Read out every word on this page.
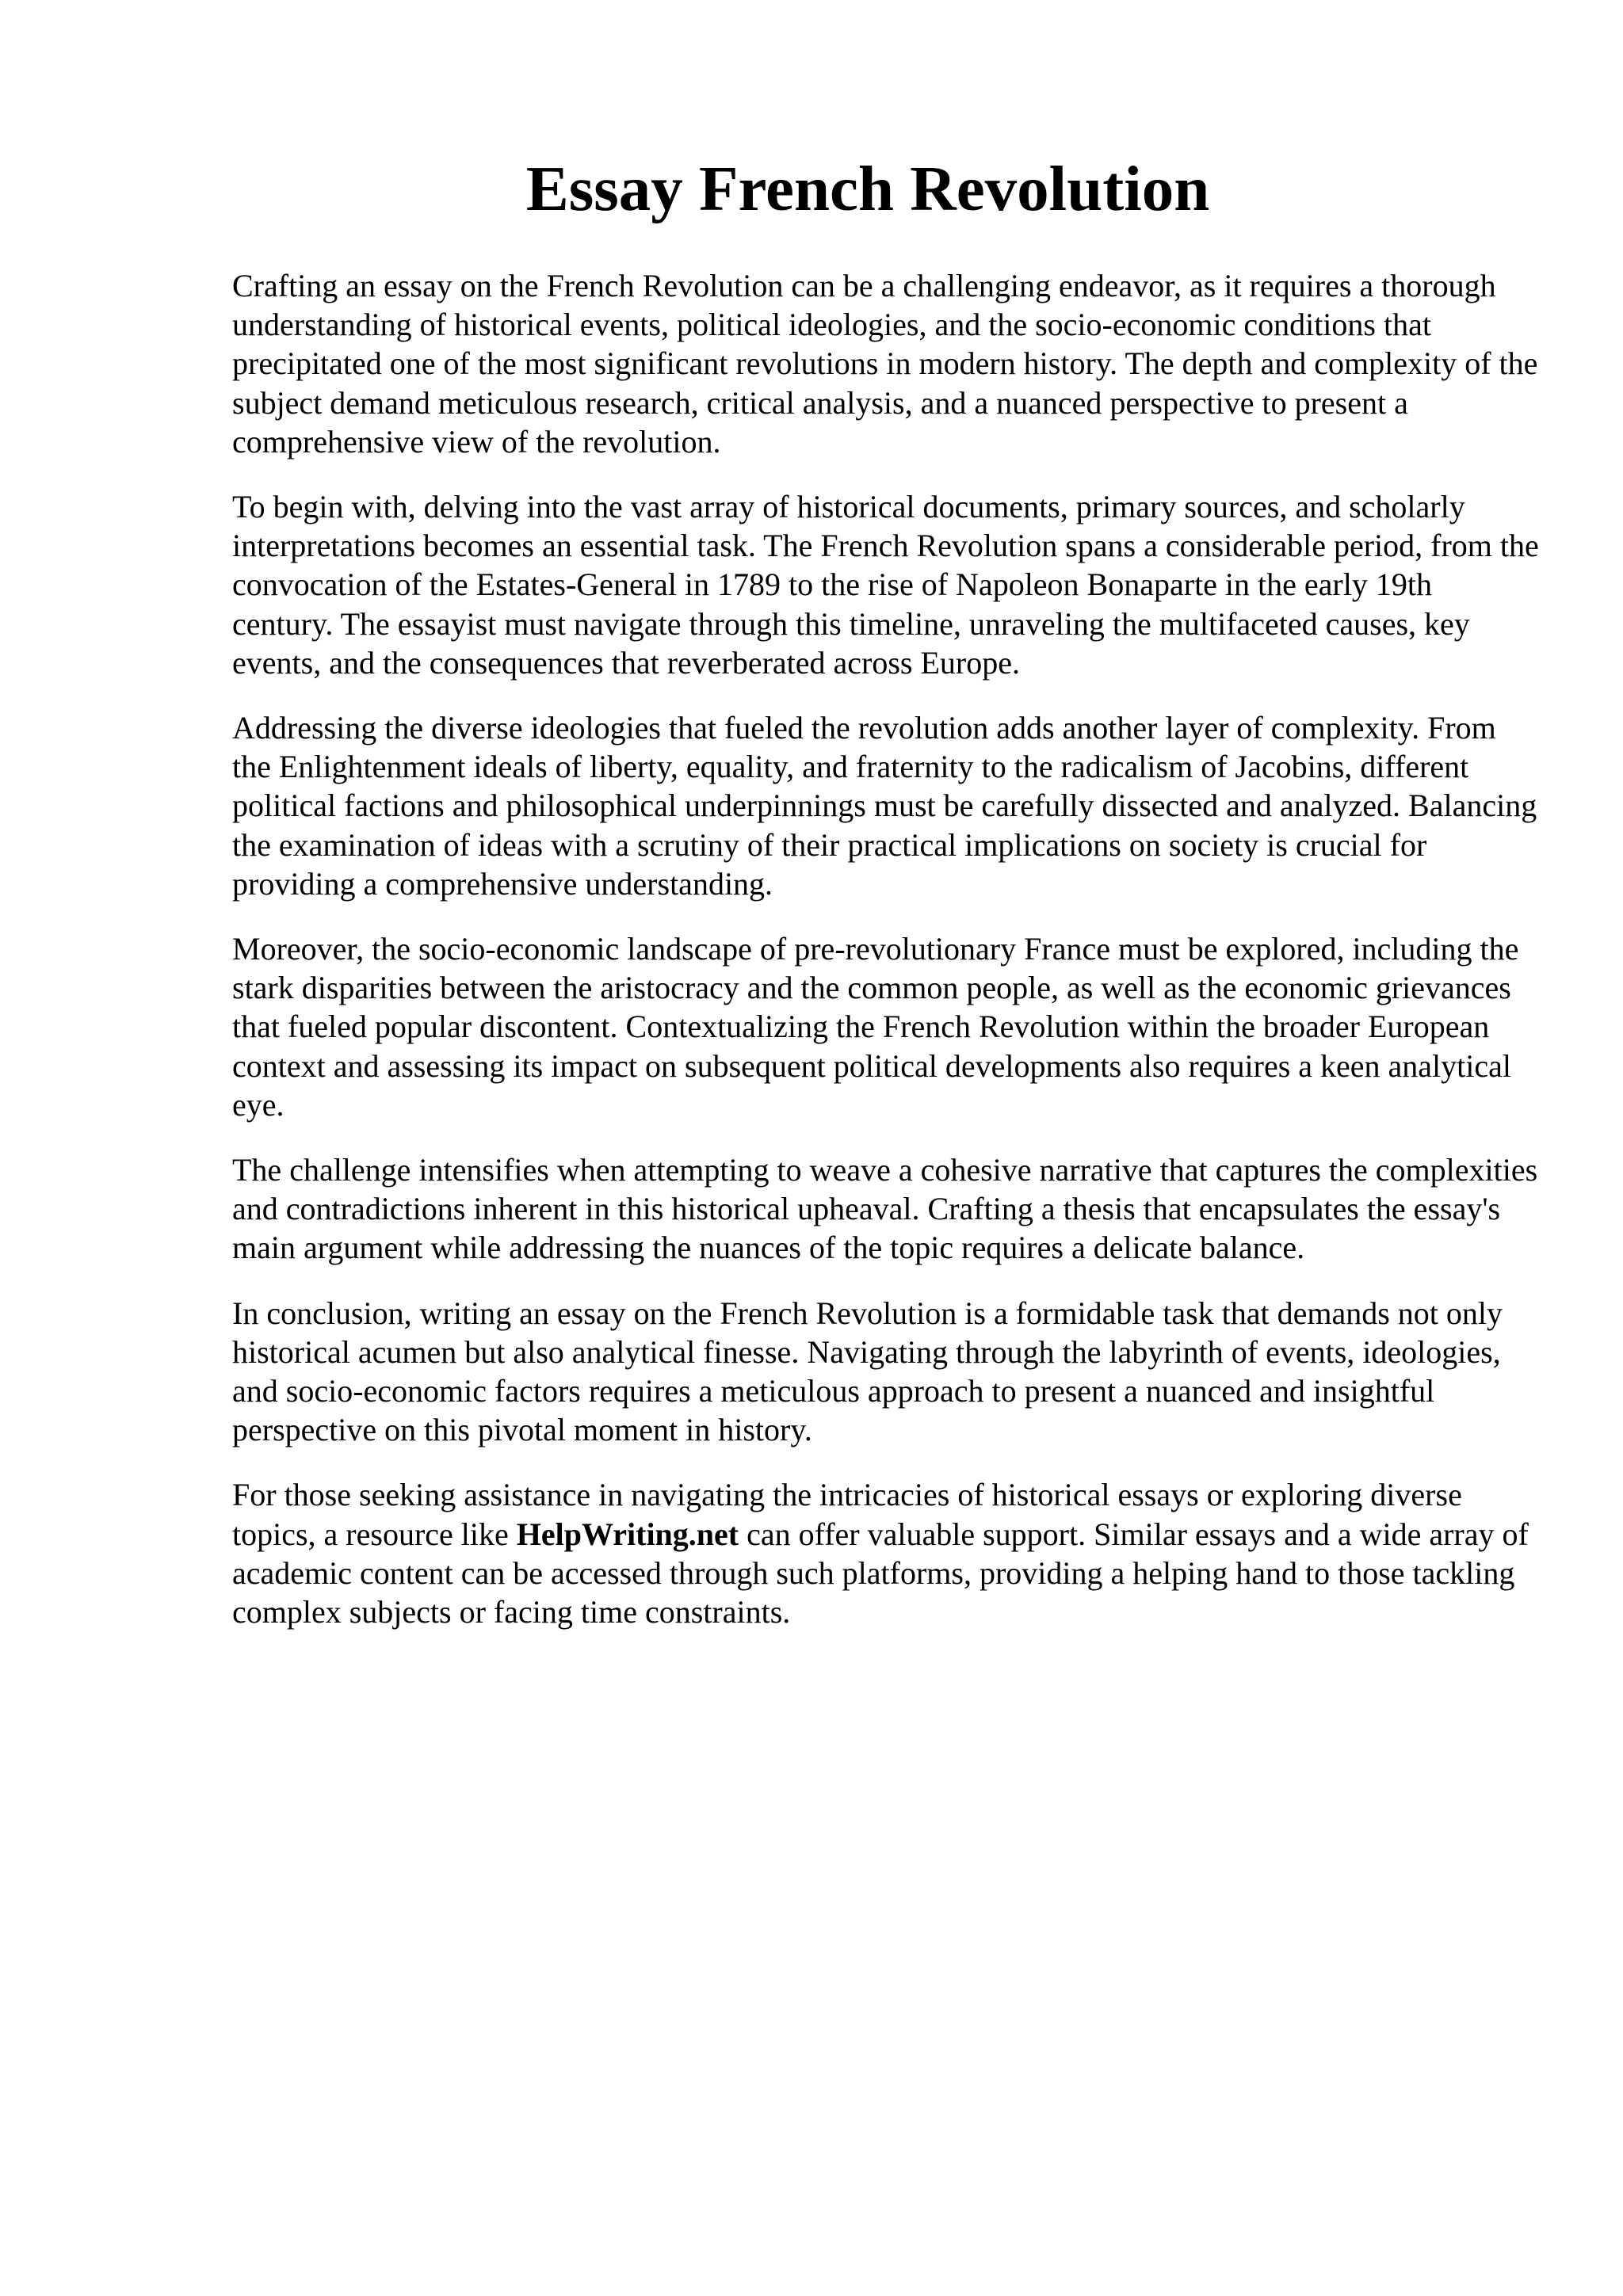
Essay French Revolution

Crafting an essay on the French Revolution can be a challenging endeavor, as it requires a thorough understanding of historical events, political ideologies, and the socio-economic conditions that precipitated one of the most significant revolutions in modern history. The depth and complexity of the subject demand meticulous research, critical analysis, and a nuanced perspective to present a comprehensive view of the revolution.

To begin with, delving into the vast array of historical documents, primary sources, and scholarly interpretations becomes an essential task. The French Revolution spans a considerable period, from the convocation of the Estates-General in 1789 to the rise of Napoleon Bonaparte in the early 19th century. The essayist must navigate through this timeline, unraveling the multifaceted causes, key events, and the consequences that reverberated across Europe.

Addressing the diverse ideologies that fueled the revolution adds another layer of complexity. From the Enlightenment ideals of liberty, equality, and fraternity to the radicalism of Jacobins, different political factions and philosophical underpinnings must be carefully dissected and analyzed. Balancing the examination of ideas with a scrutiny of their practical implications on society is crucial for providing a comprehensive understanding.

Moreover, the socio-economic landscape of pre-revolutionary France must be explored, including the stark disparities between the aristocracy and the common people, as well as the economic grievances that fueled popular discontent. Contextualizing the French Revolution within the broader European context and assessing its impact on subsequent political developments also requires a keen analytical eye.

The challenge intensifies when attempting to weave a cohesive narrative that captures the complexities and contradictions inherent in this historical upheaval. Crafting a thesis that encapsulates the essay's main argument while addressing the nuances of the topic requires a delicate balance.

In conclusion, writing an essay on the French Revolution is a formidable task that demands not only historical acumen but also analytical finesse. Navigating through the labyrinth of events, ideologies, and socio-economic factors requires a meticulous approach to present a nuanced and insightful perspective on this pivotal moment in history.

For those seeking assistance in navigating the intricacies of historical essays or exploring diverse topics, a resource like HelpWriting.net can offer valuable support. Similar essays and a wide array of academic content can be accessed through such platforms, providing a helping hand to those tackling complex subjects or facing time constraints.
